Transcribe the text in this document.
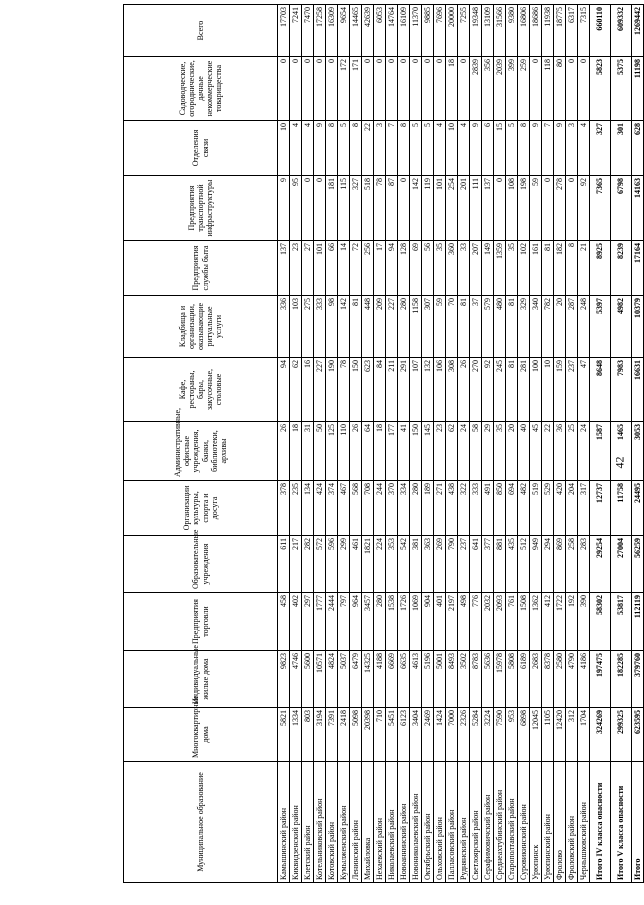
Муниципальное образование	Многоквартирные дома	Индивидуальные жилые дома	Предприятия торговли	Образовательные учреждения	Организации культуры, спорта и досуга	Административные, офисные учреждения, банки, библиотеки, архивы	Кафе, рестораны, бары, закусочные, столовые	Кладбища и организации, оказывающие ритуальные услуги	Предприятия службы быта	Предприятия транспортной инфраструктуры	Отделения связи	Садоводческие, огороднические, дачные некоммерческие товарищества	Всего
Камышинский район	5821	9823	458	611	378	26	94	336	137	9	10	0	17703
Киквидзенский район	1334	4746	402	217	235	18	62	103	23	95	4	0	7241
Клетский район	803	5600	297	282	134	31	16	275	27	0	4	0	7470
Котельниковский район	3194	10571	1777	572	424	50	227	333	101	0	9	0	17258
Котовский район	7391	4824	2444	596	374	125	190	98	66	181	8	0	16309
Кумылженский район	2418	5037	797	299	467	110	78	142	14	115	5	172	9654
Ленинский район	5098	6479	964	461	568	26	150	81	72	327	8	171	14465
Михайловка	20398	14325	3457	1821	708	64	623	448	256	518	22	0	42639
Нехаевский район	710	4188	280	224	244	18	84	209	17	78	3	0	6053
Николаевский район	5451	6669	1538	353	370	177	211	227	94	87	7	0	14764
Новоаннинский район	6123	6635	1726	542	334	41	291	280	128	0	8	0	16109
Новониколаевский район	3404	4613	1069	381	280	150	107	1158	69	142	5	0	11370
Октябрьский район	2469	5196	904	363	189	145	132	307	56	119	5	0	9885
Ольховский район	1424	5001	401	269	271	23	106	59	35	101	4	0	7696
Палласовский район	7000	8493	2197	790	438	62	308	70	360	254	10	18	20000
Руднянский район	2326	3502	498	237	322	24	26	81	33	201	4	0	7255
Светлоярский район	5284	8783	776	641	333	58	270	37	207	111	9	2839	19348
Серафимовичский район	3224	5636	2032	377	491	29	92	579	149	137	6	356	13109
Среднеахтубинский район	7590	15978	2093	881	850	35	245	480	1359	0	15	2039	31566
Старополтавский район	953	5808	761	435	694	20	81	81	35	108	5	399	9380
Суровикинский район	6898	6189	1508	512	482	40	281	329	102	198	8	259	16806
Урюпинск	12045	2683	1362	949	519	45	100	340	161	59	9	0	18686
Урюпинский район	1105	8378	412	294	529	22	10	782	81	0	7	118	11938
Фролово	12420	2580	1722	869	420	36	159	20	182	278	9	80	18775
Фроловский район	312	4790	192	258	204	25	237	287	8	0	3	0	6317
Чернышковский район	1704	4186	390	283	317	24	47	248	21	92	4	0	7315
Итого IV класса опасности	324269	197475	58302	29254	12737	1587	8648	5397	8925	7365	327	5823	660110
Итого V класса опасности	299325	182285	53817	27004	11758	1465	7983	4982	8239	6798	301	5375	609332
Итого	623595	379760	112119	56259	24495	3053	16631	10379	17164	14163	628	11198	1269442
42
